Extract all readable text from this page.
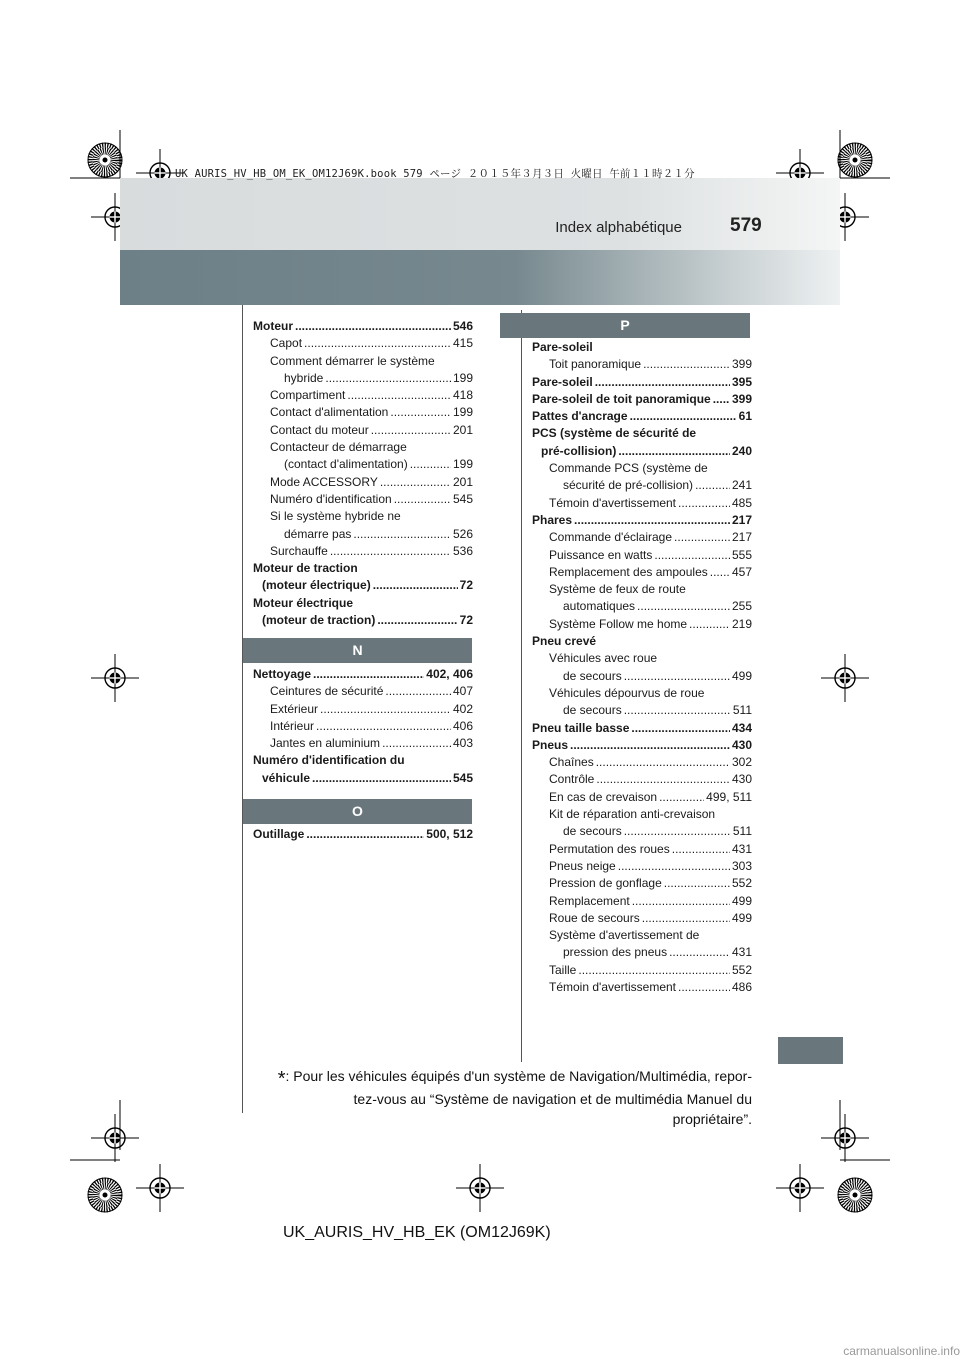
UK AURIS_HV_HB_OM_EK_OM12J69K.book 579 ページ ２０１５年３月３日 火曜日 午前１１時２１分
Index alphabétique	579
Moteur .....	546
Capot .....	415
Comment démarrer le système
hybride .....	199
Compartiment .....	418
Contact d'alimentation .....	199
Contact du moteur .....	201
Contacteur de démarrage
(contact d'alimentation) .....	199
Mode ACCESSORY .....	201
Numéro d'identification .....	545
Si le système hybride ne
démarre pas .....	526
Surchauffe .....	536
Moteur de traction
(moteur électrique) .....	72
Moteur électrique
(moteur de traction) .....	72
N
Nettoyage .....	402, 406
Ceintures de sécurité .....	407
Extérieur .....	402
Intérieur .....	406
Jantes en aluminium .....	403
Numéro d'identification du
véhicule .....	545
O
Outillage .....	500, 512
P
Pare-soleil
Toit panoramique .....	399
Pare-soleil .....	395
Pare-soleil de toit panoramique ..... 399
Pattes d'ancrage .....	61
PCS (système de sécurité de
pré-collision) .....	240
Commande PCS (système de
sécurité de pré-collision) .....	241
Témoin d'avertissement .....	485
Phares .....	217
Commande d'éclairage .....	217
Puissance en watts .....	555
Remplacement des ampoules ..... 457
Système de feux de route
automatiques .....	255
Système Follow me home .....	219
Pneu crevé
Véhicules avec roue
de secours .....	499
Véhicules dépourvus de roue
de secours .....	511
Pneu taille basse .....	434
Pneus .....	430
Chaînes .....	302
Contrôle .....	430
En cas de crevaison .....	499, 511
Kit de réparation anti-crevaison
de secours .....	511
Permutation des roues .....	431
Pneus neige .....	303
Pression de gonflage .....	552
Remplacement .....	499
Roue de secours .....	499
Système d'avertissement de
pression des pneus .....	431
Taille .....	552
Témoin d'avertissement .....	486
*: Pour les véhicules équipés d'un système de Navigation/Multimédia, repor-
tez-vous au “Système de navigation et de multimédia Manuel du propriétaire”.
UK_AURIS_HV_HB_EK (OM12J69K)
carmanualsonline.info
